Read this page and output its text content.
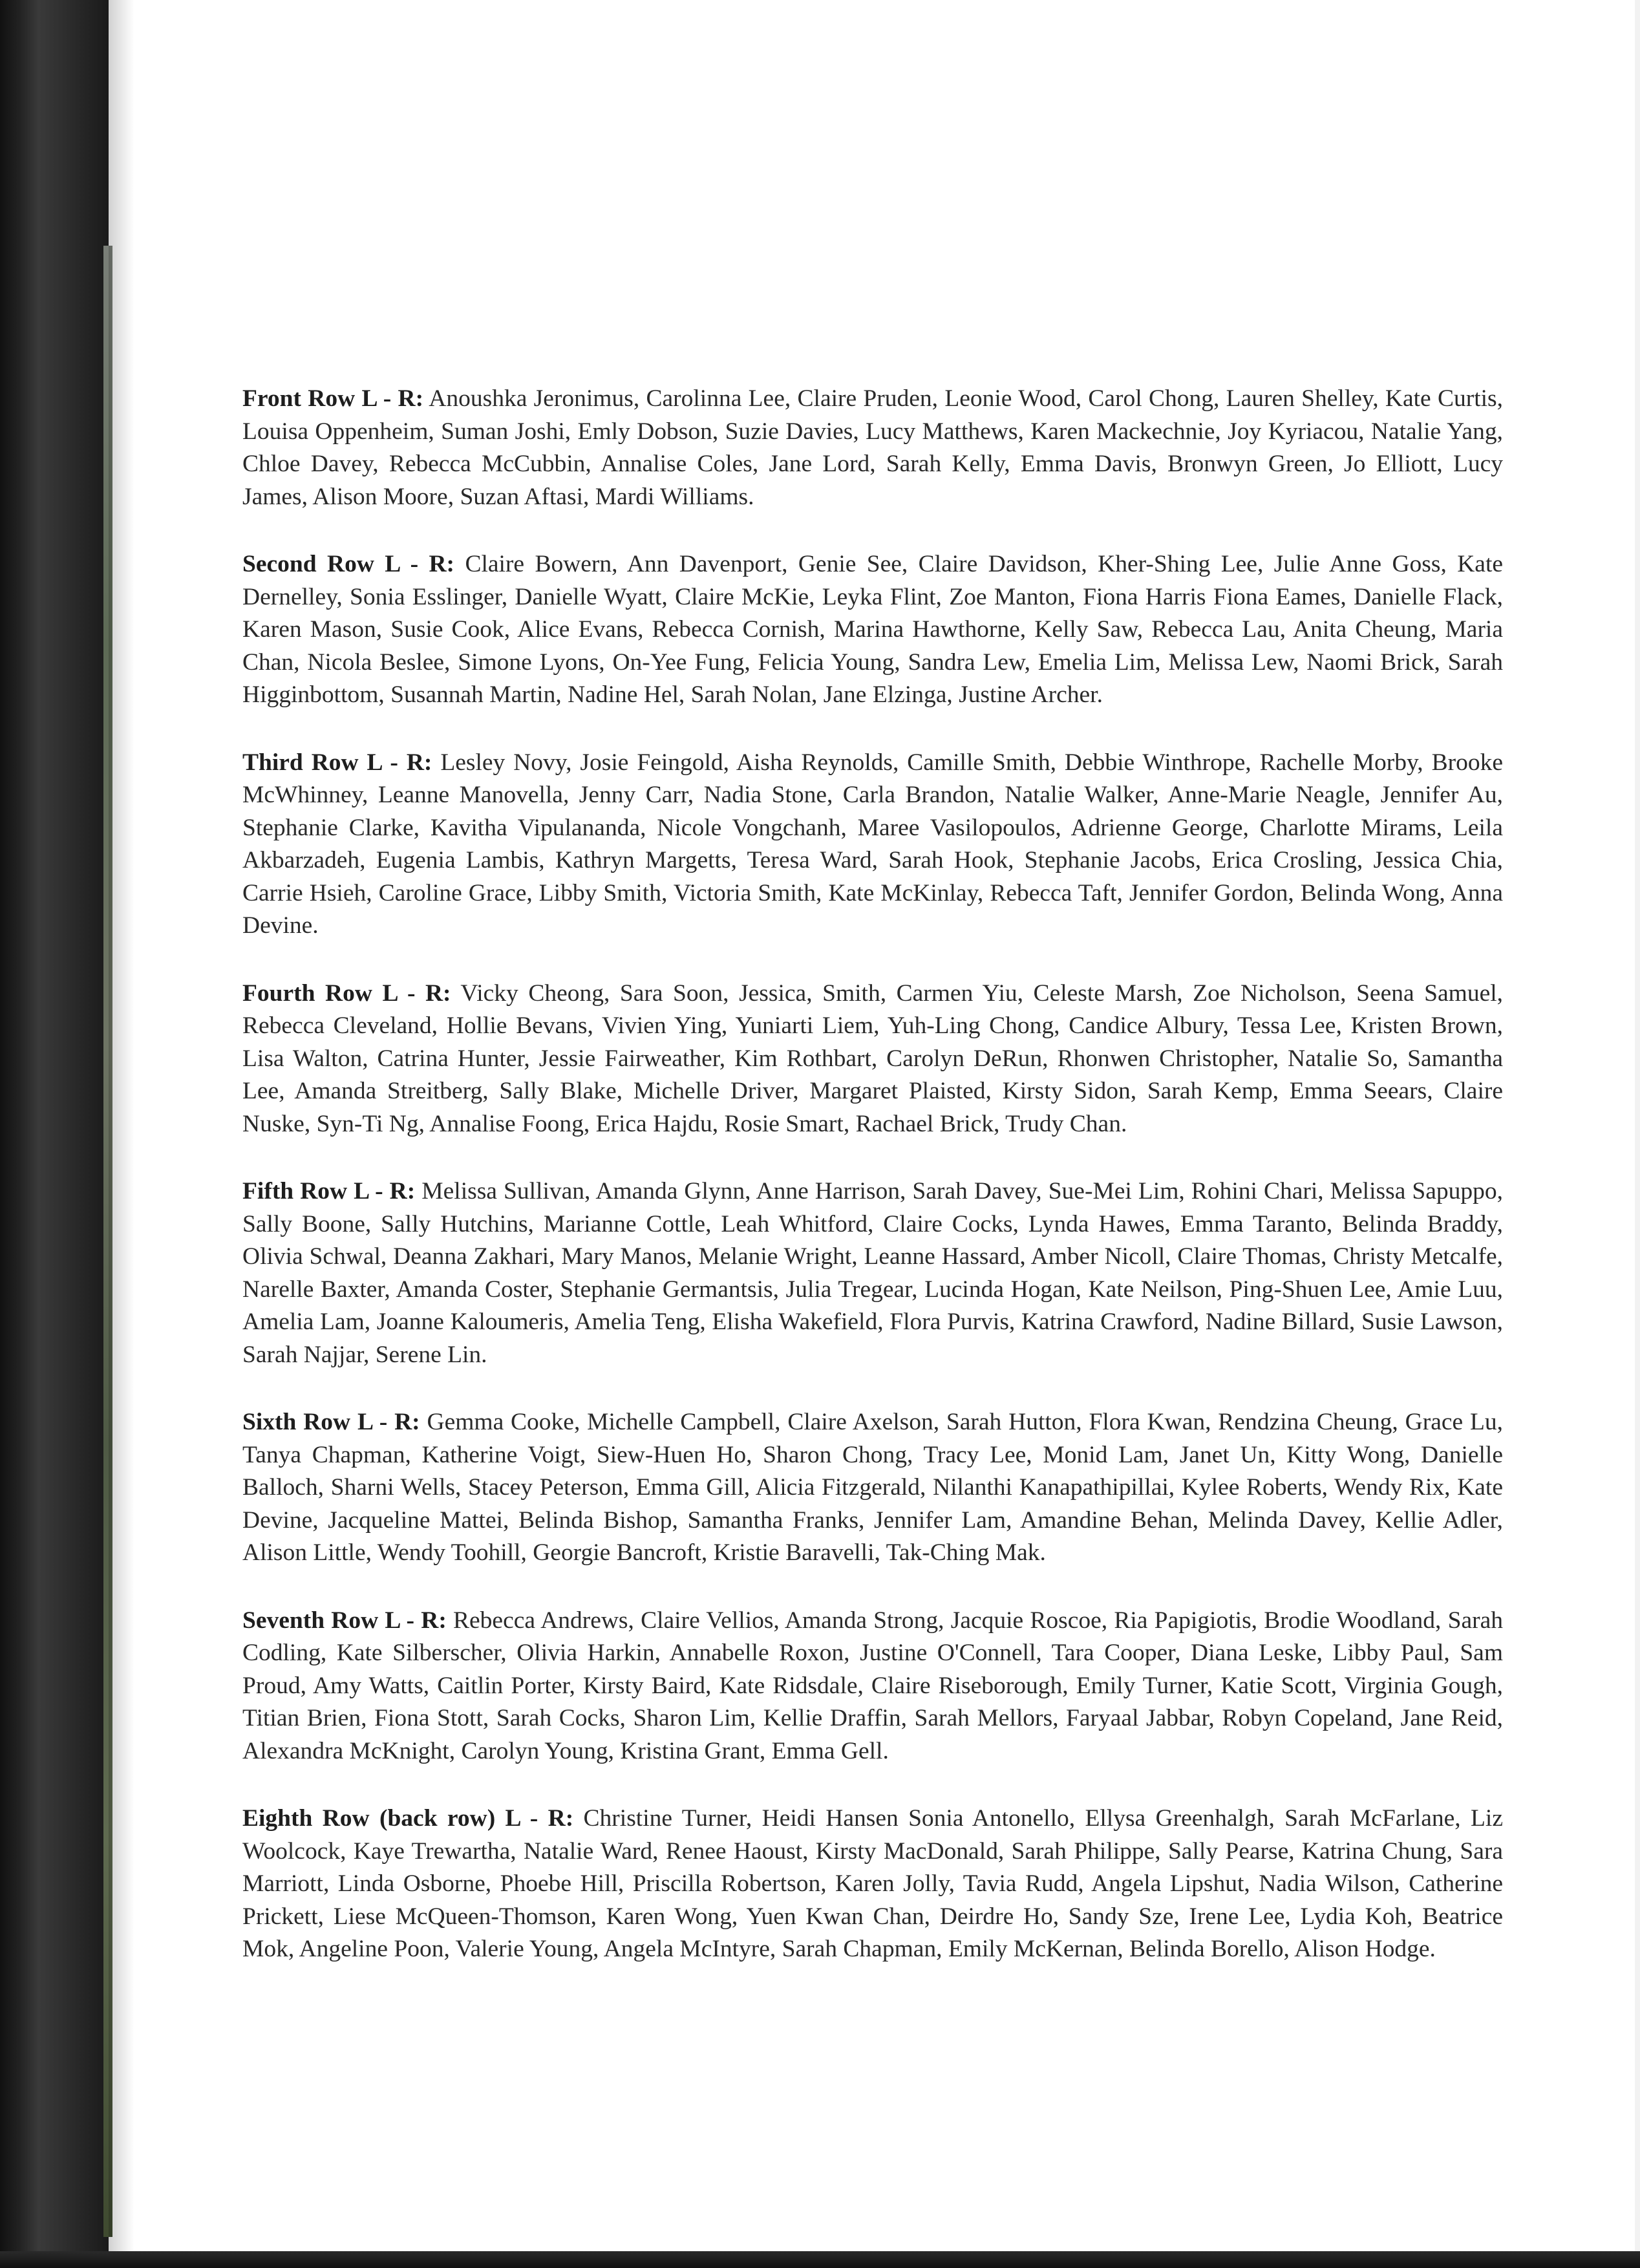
Front Row L - R: Anoushka Jeronimus, Carolinna Lee, Claire Pruden, Leonie Wood, Carol Chong, Lauren Shelley, Kate Curtis, Louisa Oppenheim, Suman Joshi, Emly Dobson, Suzie Davies, Lucy Matthews, Karen Mackechnie, Joy Kyriacou, Natalie Yang, Chloe Davey, Rebecca McCubbin, Annalise Coles, Jane Lord, Sarah Kelly, Emma Davis, Bronwyn Green, Jo Elliott, Lucy James, Alison Moore, Suzan Aftasi, Mardi Williams.

Second Row L - R: Claire Bowern, Ann Davenport, Genie See, Claire Davidson, Kher-Shing Lee, Julie Anne Goss, Kate Dernelley, Sonia Esslinger, Danielle Wyatt, Claire McKie, Leyka Flint, Zoe Manton, Fiona Harris Fiona Eames, Danielle Flack, Karen Mason, Susie Cook, Alice Evans, Rebecca Cornish, Marina Hawthorne, Kelly Saw, Rebecca Lau, Anita Cheung, Maria Chan, Nicola Beslee, Simone Lyons, On-Yee Fung, Felicia Young, Sandra Lew, Emelia Lim, Melissa Lew, Naomi Brick, Sarah Higginbottom, Susannah Martin, Nadine Hel, Sarah Nolan, Jane Elzinga, Justine Archer.

Third Row L - R: Lesley Novy, Josie Feingold, Aisha Reynolds, Camille Smith, Debbie Winthrope, Rachelle Morby, Brooke McWhinney, Leanne Manovella, Jenny Carr, Nadia Stone, Carla Brandon, Natalie Walker, Anne-Marie Neagle, Jennifer Au, Stephanie Clarke, Kavitha Vipulananda, Nicole Vongchanh, Maree Vasilopoulos, Adrienne George, Charlotte Mirams, Leila Akbarzadeh, Eugenia Lambis, Kathryn Margetts, Teresa Ward, Sarah Hook, Stephanie Jacobs, Erica Crosling, Jessica Chia, Carrie Hsieh, Caroline Grace, Libby Smith, Victoria Smith, Kate McKinlay, Rebecca Taft, Jennifer Gordon, Belinda Wong, Anna Devine.

Fourth Row L - R: Vicky Cheong, Sara Soon, Jessica, Smith, Carmen Yiu, Celeste Marsh, Zoe Nicholson, Seena Samuel, Rebecca Cleveland, Hollie Bevans, Vivien Ying, Yuniarti Liem, Yuh-Ling Chong, Candice Albury, Tessa Lee, Kristen Brown, Lisa Walton, Catrina Hunter, Jessie Fairweather, Kim Rothbart, Carolyn DeRun, Rhonwen Christopher, Natalie So, Samantha Lee, Amanda Streitberg, Sally Blake, Michelle Driver, Margaret Plaisted, Kirsty Sidon, Sarah Kemp, Emma Seears, Claire Nuske, Syn-Ti Ng, Annalise Foong, Erica Hajdu, Rosie Smart, Rachael Brick, Trudy Chan.

Fifth Row L - R: Melissa Sullivan, Amanda Glynn, Anne Harrison, Sarah Davey, Sue-Mei Lim, Rohini Chari, Melissa Sapuppo, Sally Boone, Sally Hutchins, Marianne Cottle, Leah Whitford, Claire Cocks, Lynda Hawes, Emma Taranto, Belinda Braddy, Olivia Schwal, Deanna Zakhari, Mary Manos, Melanie Wright, Leanne Hassard, Amber Nicoll, Claire Thomas, Christy Metcalfe, Narelle Baxter, Amanda Coster, Stephanie Germantsis, Julia Tregear, Lucinda Hogan, Kate Neilson, Ping-Shuen Lee, Amie Luu, Amelia Lam, Joanne Kaloumeris, Amelia Teng, Elisha Wakefield, Flora Purvis, Katrina Crawford, Nadine Billard, Susie Lawson, Sarah Najjar, Serene Lin.

Sixth Row L - R: Gemma Cooke, Michelle Campbell, Claire Axelson, Sarah Hutton, Flora Kwan, Rendzina Cheung, Grace Lu, Tanya Chapman, Katherine Voigt, Siew-Huen Ho, Sharon Chong, Tracy Lee, Monid Lam, Janet Un, Kitty Wong, Danielle Balloch, Sharni Wells, Stacey Peterson, Emma Gill, Alicia Fitzgerald, Nilanthi Kanapathipillai, Kylee Roberts, Wendy Rix, Kate Devine, Jacqueline Mattei, Belinda Bishop, Samantha Franks, Jennifer Lam, Amandine Behan, Melinda Davey, Kellie Adler, Alison Little, Wendy Toohill, Georgie Bancroft, Kristie Baravelli, Tak-Ching Mak.

Seventh Row L - R: Rebecca Andrews, Claire Vellios, Amanda Strong, Jacquie Roscoe, Ria Papigiotis, Brodie Woodland, Sarah Codling, Kate Silberscher, Olivia Harkin, Annabelle Roxon, Justine O'Connell, Tara Cooper, Diana Leske, Libby Paul, Sam Proud, Amy Watts, Caitlin Porter, Kirsty Baird, Kate Ridsdale, Claire Riseborough, Emily Turner, Katie Scott, Virginia Gough, Titian Brien, Fiona Stott, Sarah Cocks, Sharon Lim, Kellie Draffin, Sarah Mellors, Faryaal Jabbar, Robyn Copeland, Jane Reid, Alexandra McKnight, Carolyn Young, Kristina Grant, Emma Gell.

Eighth Row (back row) L - R: Christine Turner, Heidi Hansen Sonia Antonello, Ellysa Greenhalgh, Sarah McFarlane, Liz Woolcock, Kaye Trewartha, Natalie Ward, Renee Haoust, Kirsty MacDonald, Sarah Philippe, Sally Pearse, Katrina Chung, Sara Marriott, Linda Osborne, Phoebe Hill, Priscilla Robertson, Karen Jolly, Tavia Rudd, Angela Lipshut, Nadia Wilson, Catherine Prickett, Liese McQueen-Thomson, Karen Wong, Yuen Kwan Chan, Deirdre Ho, Sandy Sze, Irene Lee, Lydia Koh, Beatrice Mok, Angeline Poon, Valerie Young, Angela McIntyre, Sarah Chapman, Emily McKernan, Belinda Borello, Alison Hodge.
